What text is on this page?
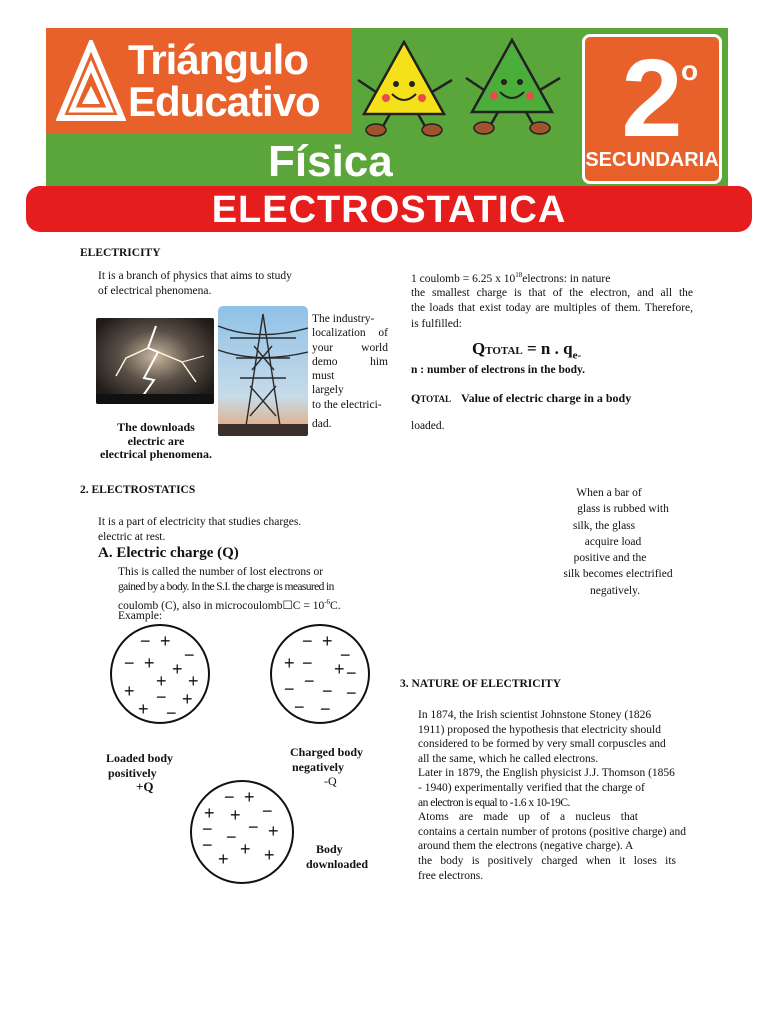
Triángulo
Educativo	2
o
SECUNDARIA
Física
ELECTROSTATICA
ELECTRICITY
It is a branch of physics that aims to study
of electrical phenomena.
The industry-
localization of
your world
demo him
must
largely
to the electrici-
dad.
The downloads
electric are
electrical phenomena.
1 coulomb = 6.25 x $10^{18}electrons$: in nature
the smallest charge is that of the electron, and all the
the loads that exist today are multiples of them. Therefore,
is fulfilled:
QTOTAL = n . $q_{e-}$
n : number of electrons in the body.
QTOTAL Value of electric charge in a body
loaded.
2. ELECTROSTATICS
It is a part of electricity that studies charges.
electric at rest.
A. Electric charge (Q)
This is called the number of lost electrons or
gained by a body. In the S.I. the charge is measured in
coulomb (C), also in microcoulomb☐C = $10^{-6}C$.
Example:
When a bar of
glass is rubbed with
silk, the glass
acquire load
positive and the
silk becomes electrified
negatively.
− +
−
− + +
+ +
+ − +
+ −
− +
−
+ − + −
−
− − −
− −
− +
+ + −
− − +
−
− +
+ +
Loaded body
positively
+Q
Charged body
negatively
-Q
Body
downloaded
3. NATURE OF ELECTRICITY
In 1874, the Irish scientist Johnstone Stoney (1826
1911) proposed the hypothesis that electricity should
considered to be formed by very small corpuscles and
all the same, which he called electrons.
Later in 1879, the English physicist J.J. Thomson (1856
- 1940) experimentally verified that the charge of
an electron is equal to -1.6 x 10-19C.
Atoms are made up of a nucleus that
contains a certain number of protons (positive charge) and
around them the electrons (negative charge). A
the body is positively charged when it loses its
free electrons.
